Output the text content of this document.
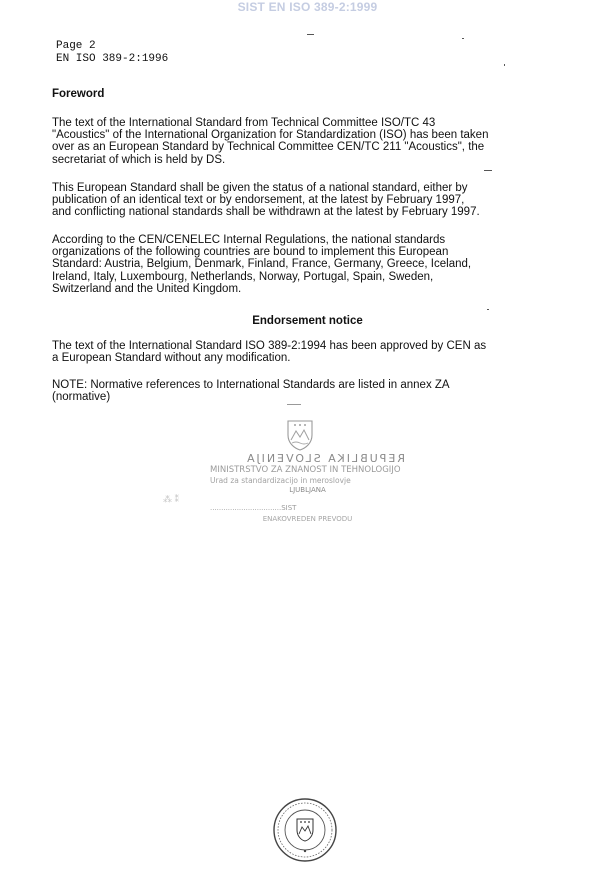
SIST EN ISO 389-2:1999
Page 2
EN ISO 389-2:1996
Foreword

The text of the International Standard from Technical Committee ISO/TC 43
"Acoustics" of the International Organization for Standardization (ISO) has been taken
over as an European Standard by Technical Committee CEN/TC 211 "Acoustics", the
secretariat of which is held by DS.

This European Standard shall be given the status of a national standard, either by
publication of an identical text or by endorsement, at the latest by February 1997,
and conflicting national standards shall be withdrawn at the latest by February 1997.

According to the CEN/CENELEC Internal Regulations, the national standards
organizations of the following countries are bound to implement this European
Standard: Austria, Belgium, Denmark, Finland, France, Germany, Greece, Iceland,
Ireland, Italy, Luxembourg, Netherlands, Norway, Portugal, Spain, Sweden,
Switzerland and the United Kingdom.

Endorsement notice

The text of the International Standard ISO 389-2:1994 has been approved by CEN as
a European Standard without any modification.

NOTE: Normative references to International Standards are listed in annex ZA
(normative)

REPUBLIKA SLOVENIJA
MINISTRSTVO ZA ZNANOST IN TEHNOLOGIJO
Urad za standardizacijo in meroslovje
LJUBLJANA
................................SIST
ENAKOVREDEN PREVODU
⁂ ⁑
